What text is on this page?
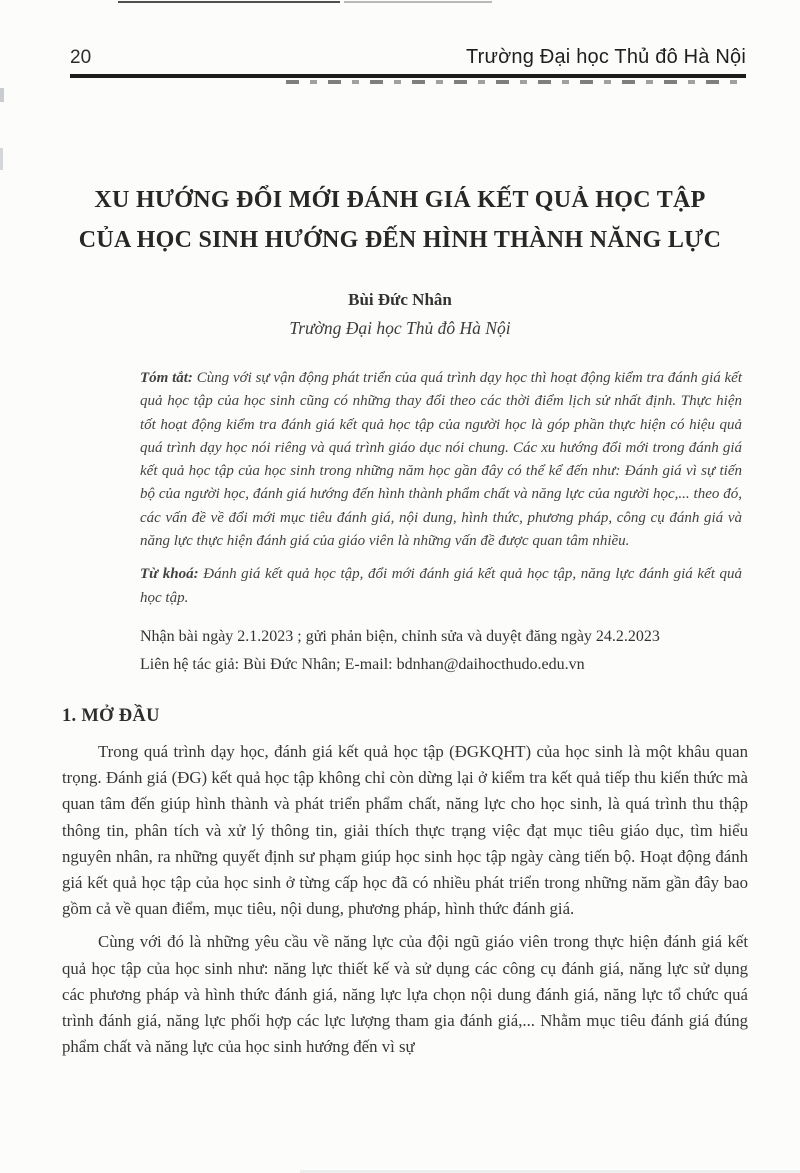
20	Trường Đại học Thủ đô Hà Nội
XU HƯỚNG ĐỔI MỚI ĐÁNH GIÁ KẾT QUẢ HỌC TẬP
CỦA HỌC SINH HƯỚNG ĐẾN HÌNH THÀNH NĂNG LỰC
Bùi Đức Nhân
Trường Đại học Thủ đô Hà Nội

Tóm tắt: Cùng với sự vận động phát triển của quá trình dạy học thì hoạt động kiểm tra đánh giá kết quả học tập của học sinh cũng có những thay đổi theo các thời điểm lịch sử nhất định. Thực hiện tốt hoạt động kiểm tra đánh giá kết quả học tập của người học là góp phần thực hiện có hiệu quả quá trình dạy học nói riêng và quá trình giáo dục nói chung. Các xu hướng đổi mới trong đánh giá kết quả học tập của học sinh trong những năm học gần đây có thể kể đến như: Đánh giá vì sự tiến bộ của người học, đánh giá hướng đến hình thành phẩm chất và năng lực của người học,... theo đó, các vấn đề về đổi mới mục tiêu đánh giá, nội dung, hình thức, phương pháp, công cụ đánh giá và năng lực thực hiện đánh giá của giáo viên là những vấn đề được quan tâm nhiều.

Từ khoá: Đánh giá kết quả học tập, đổi mới đánh giá kết quả học tập, năng lực đánh giá kết quả học tập.

Nhận bài ngày 2.1.2023 ; gửi phản biện, chỉnh sửa và duyệt đăng ngày 24.2.2023
Liên hệ tác giả: Bùi Đức Nhân; E-mail: bdnhan@daihocthudo.edu.vn
1. MỞ ĐẦU

Trong quá trình dạy học, đánh giá kết quả học tập (ĐGKQHT) của học sinh là một khâu quan trọng. Đánh giá (ĐG) kết quả học tập không chỉ còn dừng lại ở kiểm tra kết quả tiếp thu kiến thức mà quan tâm đến giúp hình thành và phát triển phẩm chất, năng lực cho học sinh, là quá trình thu thập thông tin, phân tích và xử lý thông tin, giải thích thực trạng việc đạt mục tiêu giáo dục, tìm hiểu nguyên nhân, ra những quyết định sư phạm giúp học sinh học tập ngày càng tiến bộ. Hoạt động đánh giá kết quả học tập của học sinh ở từng cấp học đã có nhiều phát triển trong những năm gần đây bao gồm cả về quan điểm, mục tiêu, nội dung, phương pháp, hình thức đánh giá.

Cùng với đó là những yêu cầu về năng lực của đội ngũ giáo viên trong thực hiện đánh giá kết quả học tập của học sinh như: năng lực thiết kế và sử dụng các công cụ đánh giá, năng lực sử dụng các phương pháp và hình thức đánh giá, năng lực lựa chọn nội dung đánh giá, năng lực tổ chức quá trình đánh giá, năng lực phối hợp các lực lượng tham gia đánh giá,... Nhằm mục tiêu đánh giá đúng phẩm chất và năng lực của học sinh hướng đến vì sự
